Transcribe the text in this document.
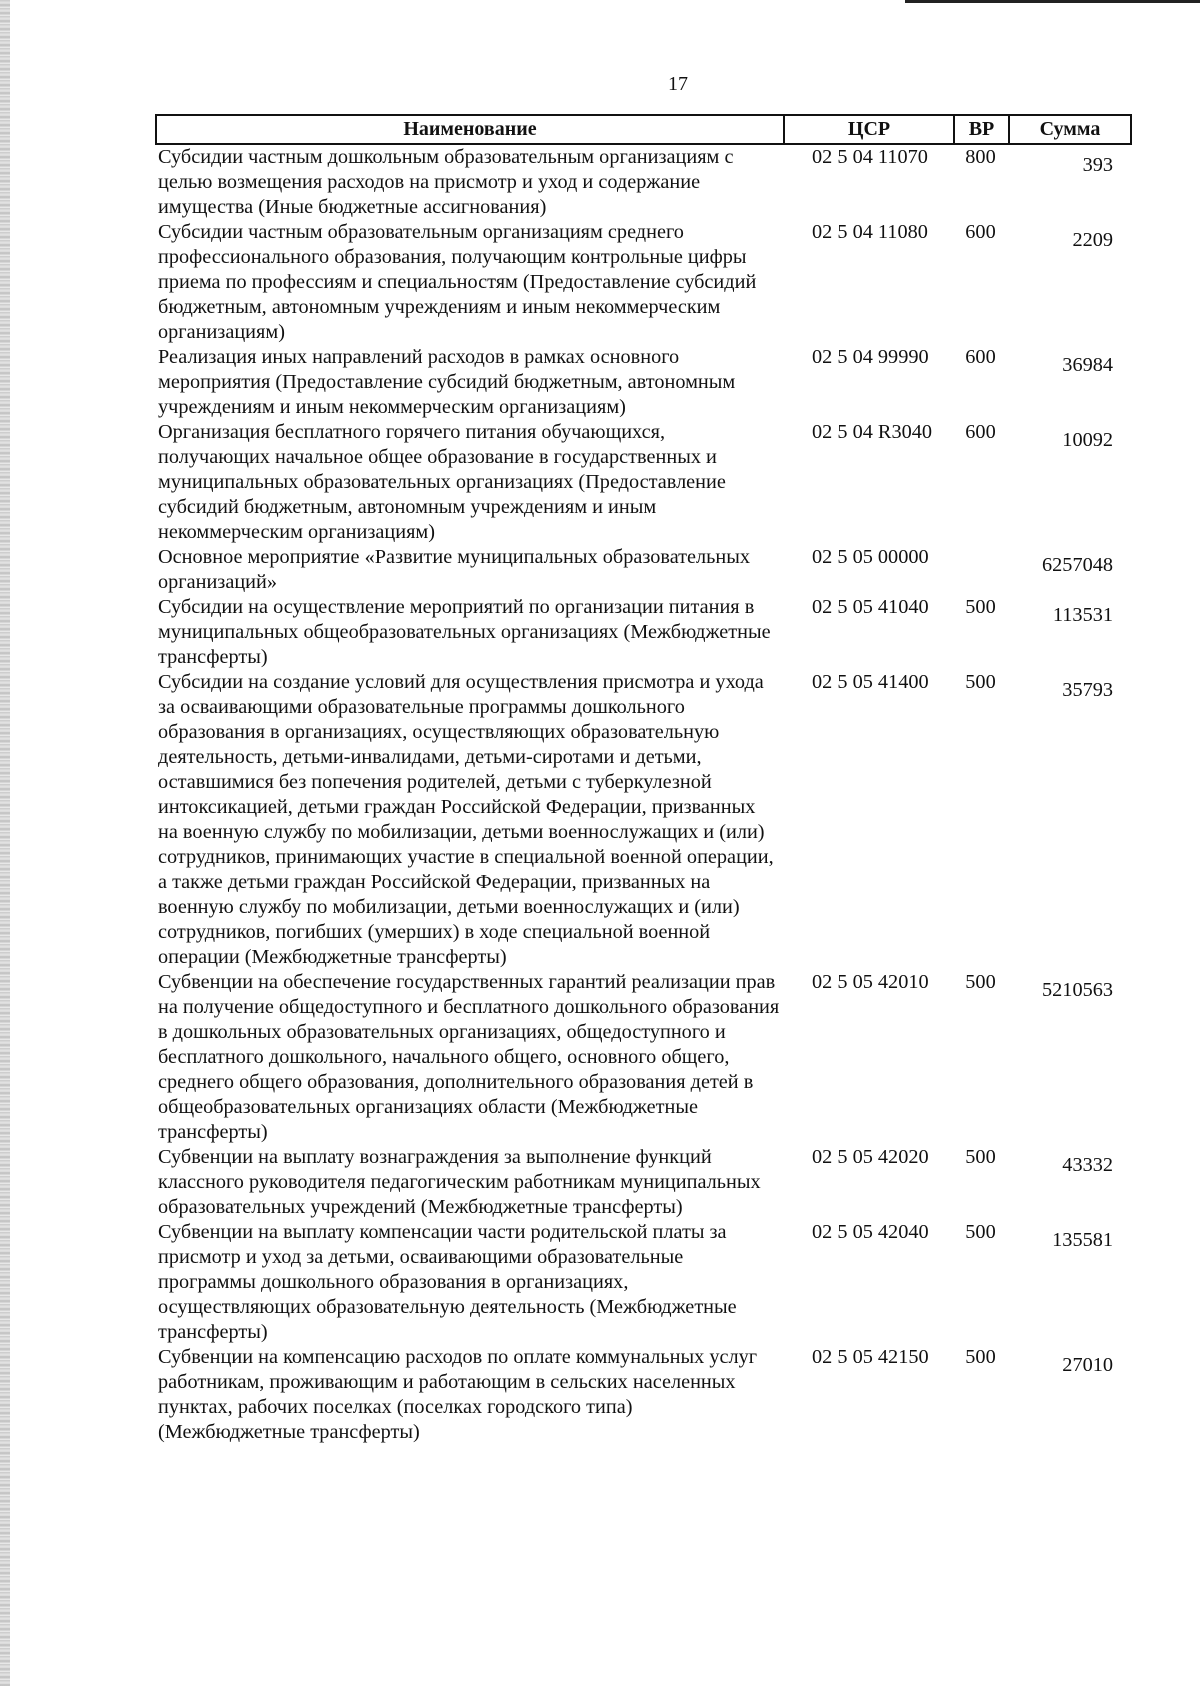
17
Наименование	ЦСР	ВР	Сумма
Субсидии частным дошкольным образовательным организациям с целью возмещения расходов на присмотр и уход и содержание имущества (Иные бюджетные ассигнования)	02 5 04 11070	800	393
Субсидии частным образовательным организациям среднего профессионального образования, получающим контрольные цифры приема по профессиям и специальностям (Предоставление субсидий бюджетным, автономным учреждениям и иным некоммерческим организациям)	02 5 04 11080	600	2209
Реализация иных направлений расходов в рамках основного мероприятия (Предоставление субсидий бюджетным, автономным учреждениям и иным некоммерческим организациям)	02 5 04 99990	600	36984
Организация бесплатного горячего питания обучающихся, получающих начальное общее образование в государственных и муниципальных образовательных организациях (Предоставление субсидий бюджетным, автономным учреждениям и иным некоммерческим организациям)	02 5 04 R3040	600	10092
Основное мероприятие «Развитие муниципальных образовательных организаций»	02 5 05 00000		6257048
Субсидии на осуществление мероприятий по организации питания в муниципальных общеобразовательных организациях (Межбюджетные трансферты)	02 5 05 41040	500	113531
Субсидии на создание условий для осуществления присмотра и ухода за осваивающими образовательные программы дошкольного образования в организациях, осуществляющих образовательную деятельность, детьми-инвалидами, детьми-сиротами и детьми, оставшимися без попечения родителей, детьми с туберкулезной интоксикацией, детьми граждан Российской Федерации, призванных на военную службу по мобилизации, детьми военнослужащих и (или) сотрудников, принимающих участие в специальной военной операции, а также детьми граждан Российской Федерации, призванных на военную службу по мобилизации, детьми военнослужащих и (или) сотрудников, погибших (умерших) в ходе специальной военной операции (Межбюджетные трансферты)	02 5 05 41400	500	35793
Субвенции на обеспечение государственных гарантий реализации прав на получение общедоступного и бесплатного дошкольного образования в дошкольных образовательных организациях, общедоступного и бесплатного дошкольного, начального общего, основного общего, среднего общего образования, дополнительного образования детей в общеобразовательных организациях области (Межбюджетные трансферты)	02 5 05 42010	500	5210563
Субвенции на выплату вознаграждения за выполнение функций классного руководителя педагогическим работникам муниципальных образовательных учреждений (Межбюджетные трансферты)	02 5 05 42020	500	43332
Субвенции на выплату компенсации части родительской платы за присмотр и уход за детьми, осваивающими образовательные программы дошкольного образования в организациях, осуществляющих образовательную деятельность (Межбюджетные трансферты)	02 5 05 42040	500	135581
Субвенции на компенсацию расходов по оплате коммунальных услуг работникам, проживающим и работающим в сельских населенных пунктах, рабочих поселках (поселках городского типа) (Межбюджетные трансферты)	02 5 05 42150	500	27010
